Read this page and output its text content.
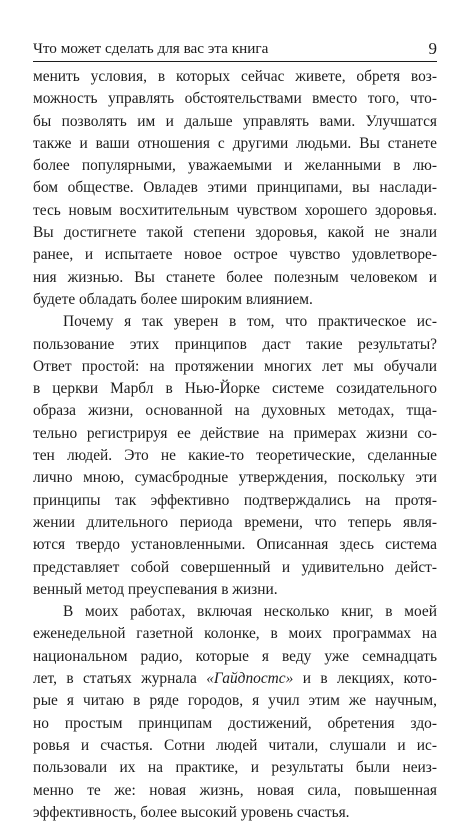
Что может сделать для вас эта книга	9
менить условия, в которых сейчас живете, обретя воз-
можность управлять обстоятельствами вместо того, что-
бы позволять им и дальше управлять вами. Улучшатся
также и ваши отношения с другими людьми. Вы станете
более популярными, уважаемыми и желанными в лю-
бом обществе. Овладев этими принципами, вы наслади-
тесь новым восхитительным чувством хорошего здоровья.
Вы достигнете такой степени здоровья, какой не знали
ранее, и испытаете новое острое чувство удовлетворе-
ния жизнью. Вы станете более полезным человеком и
будете обладать более широким влиянием.
Почему я так уверен в том, что практическое ис-
пользование этих принципов даст такие результаты?
Ответ простой: на протяжении многих лет мы обучали
в церкви Марбл в Нью-Йорке системе созидательного
образа жизни, основанной на духовных методах, тща-
тельно регистрируя ее действие на примерах жизни со-
тен людей. Это не какие-то теоретические, сделанные
лично мною, сумасбродные утверждения, поскольку эти
принципы так эффективно подтверждались на протя-
жении длительного периода времени, что теперь явля-
ются твердо установленными. Описанная здесь система
представляет собой совершенный и удивительно дейст-
венный метод преуспевания в жизни.
В моих работах, включая несколько книг, в моей
еженедельной газетной колонке, в моих программах на
национальном радио, которые я веду уже семнадцать
лет, в статьях журнала «Гайдпостс» и в лекциях, кото-
рые я читаю в ряде городов, я учил этим же научным,
но простым принципам достижений, обретения здо-
ровья и счастья. Сотни людей читали, слушали и ис-
пользовали их на практике, и результаты были неиз-
менно те же: новая жизнь, новая сила, повышенная
эффективность, более высокий уровень счастья.
